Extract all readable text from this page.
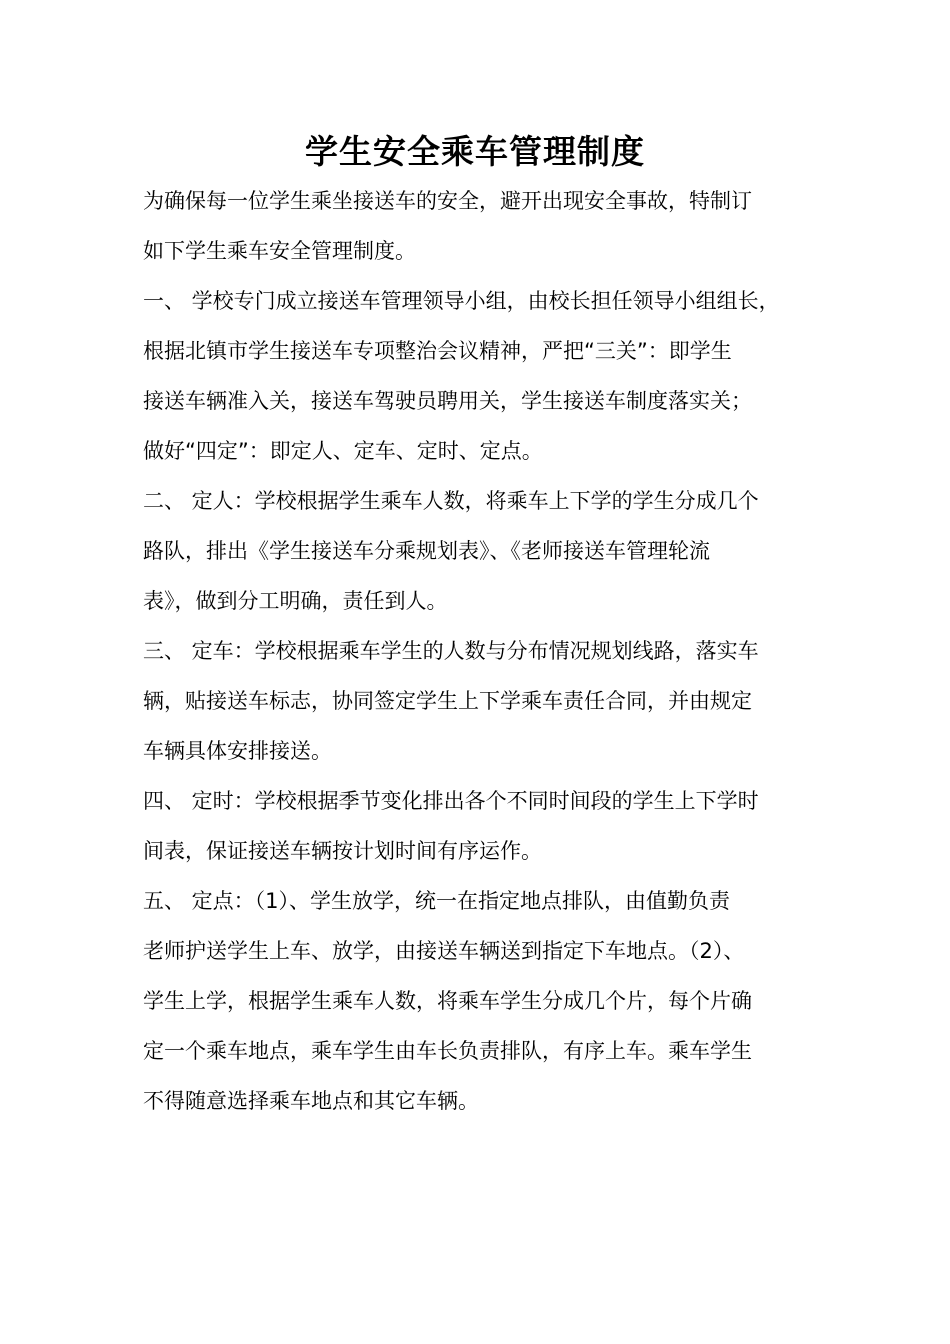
学生安全乘车管理制度
为确保每一位学生乘坐接送车的安全，避开出现安全事故，特制订
如下学生乘车安全管理制度。
一、 学校专门成立接送车管理领导小组，由校长担任领导小组组长，
根据北镇市学生接送车专项整治会议精神，严把“三关”：即学生
接送车辆准入关，接送车驾驶员聘用关，学生接送车制度落实关；
做好“四定”：即定人、定车、定时、定点。
二、 定人：学校根据学生乘车人数，将乘车上下学的学生分成几个
路队，排出《学生接送车分乘规划表》、《老师接送车管理轮流
表》，做到分工明确，责任到人。
三、 定车：学校根据乘车学生的人数与分布情况规划线路，落实车
辆，贴接送车标志，协同签定学生上下学乘车责任合同，并由规定
车辆具体安排接送。
四、 定时：学校根据季节变化排出各个不同时间段的学生上下学时
间表，保证接送车辆按计划时间有序运作。
五、 定点：（1）、学生放学，统一在指定地点排队，由值勤负责
老师护送学生上车、放学，由接送车辆送到指定下车地点。（2）、
学生上学，根据学生乘车人数，将乘车学生分成几个片，每个片确
定一个乘车地点，乘车学生由车长负责排队，有序上车。乘车学生
不得随意选择乘车地点和其它车辆。
